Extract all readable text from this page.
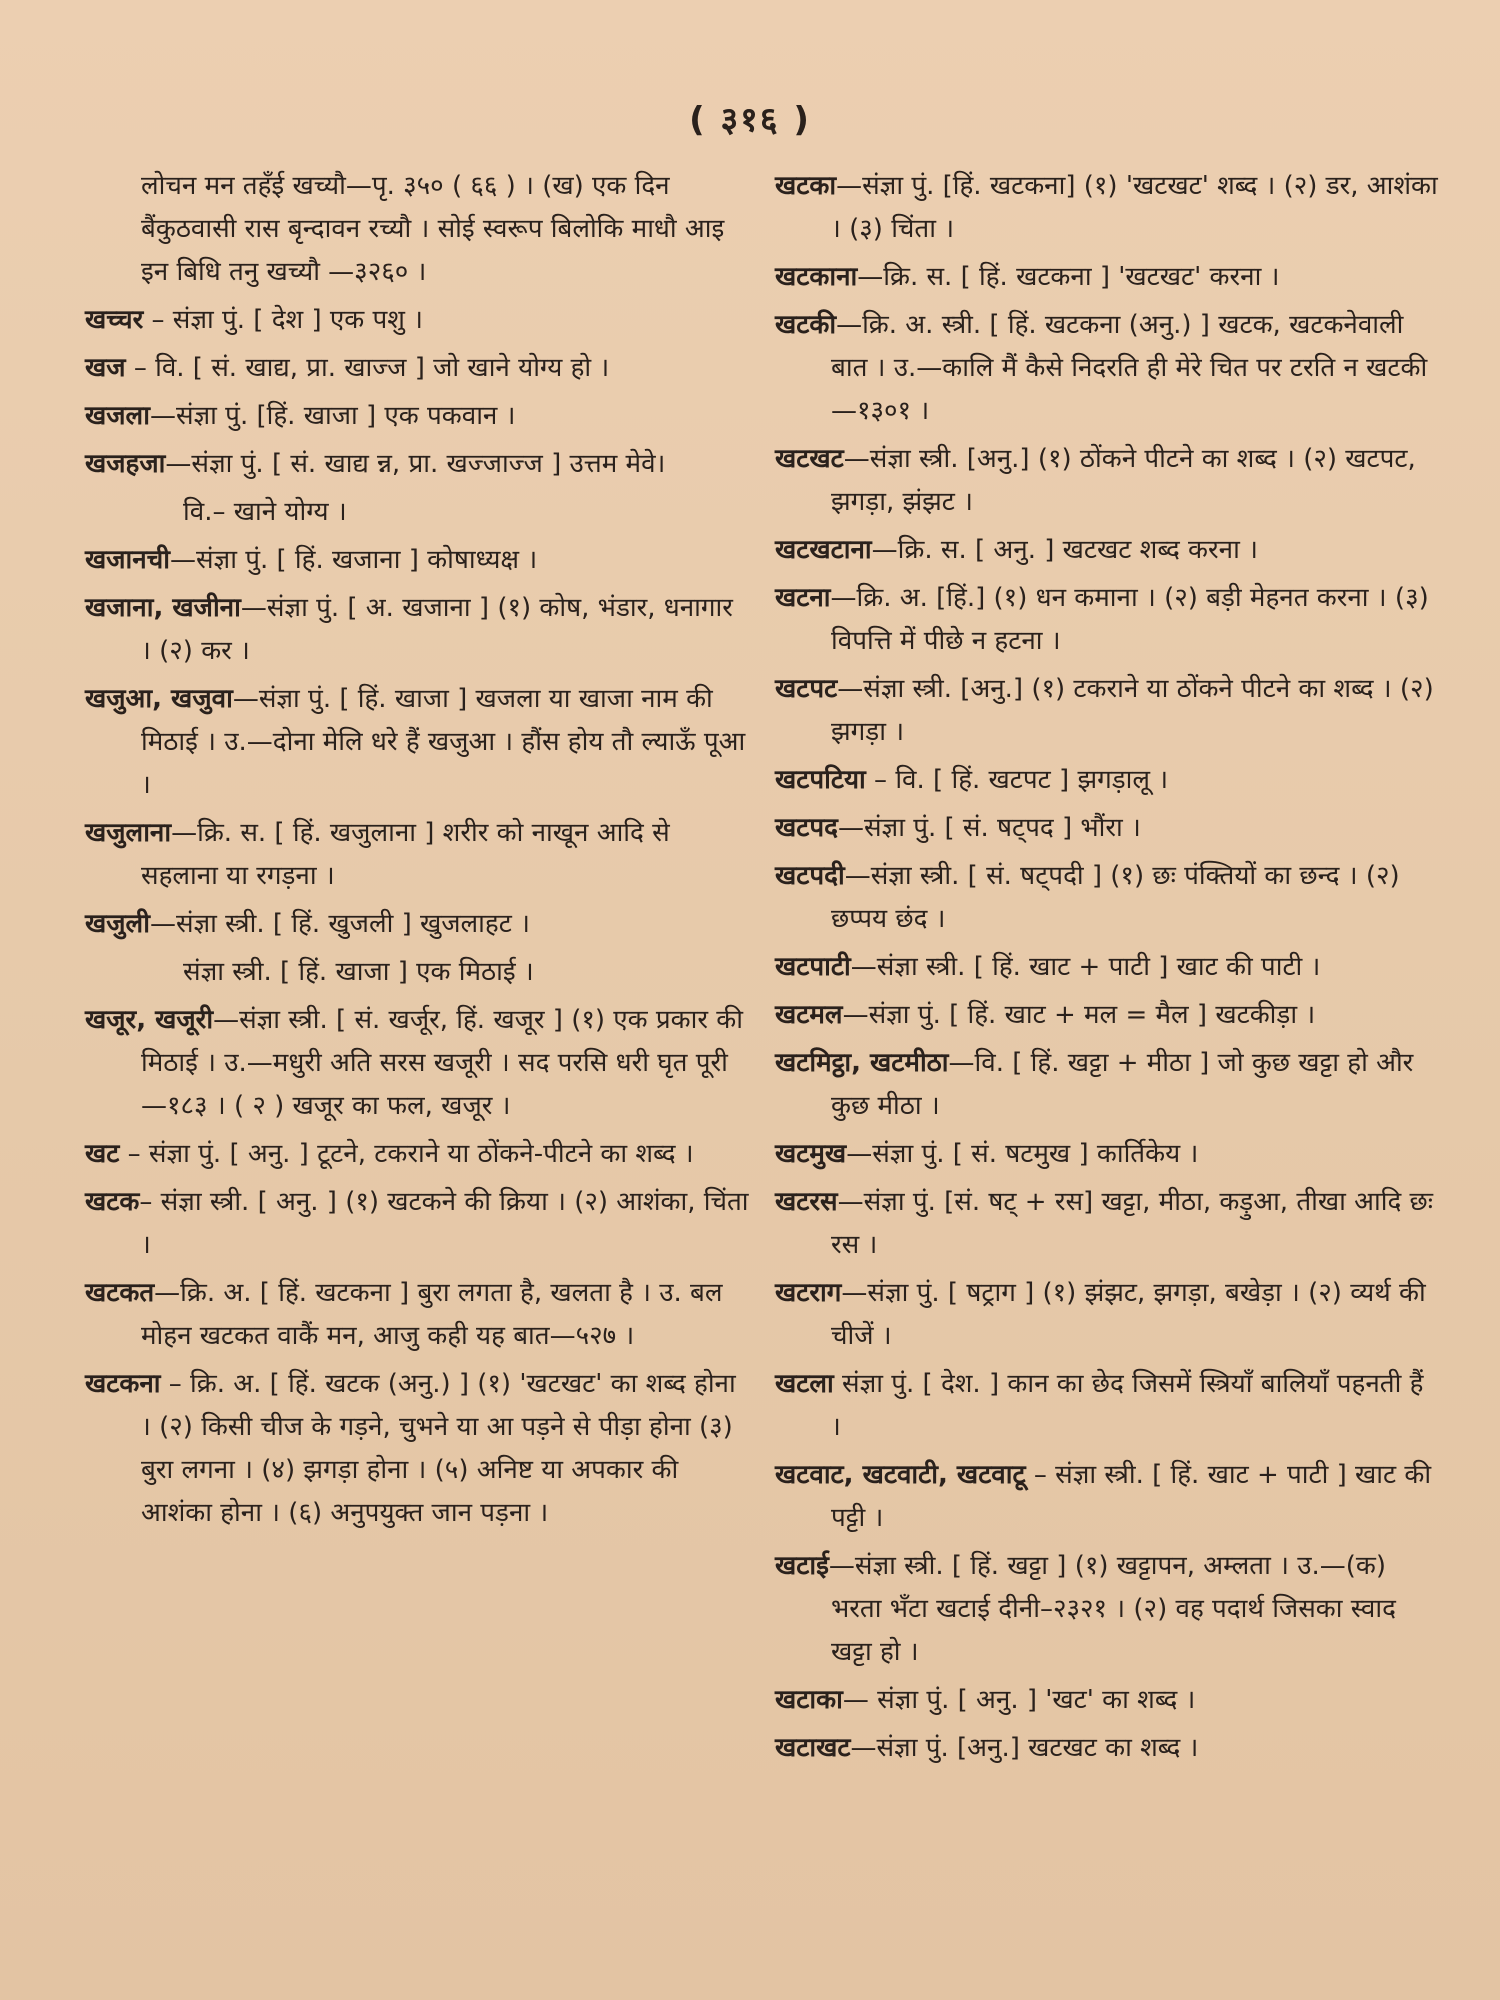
( ३१६ )
लोचन मन तहँई खच्यौ—पृ. ३५० ( ६६ ) । (ख) एक दिन बैंकुठवासी रास बृन्दावन रच्यौ । सोई स्वरूप बिलोकि माधौ आइ इन बिधि तनु खच्यौ —३२६० ।
खच्चर – संज्ञा पुं. [ देश ] एक पशु ।
खज – वि. [ सं. खाद्य, प्रा. खाज्ज ] जो खाने योग्य हो ।
खजला—संज्ञा पुं. [हिं. खाजा ] एक पकवान ।
खजहजा—संज्ञा पुं. [ सं. खाद्य न्न, प्रा. खज्जाज्ज ] उत्तम मेवे।
वि.– खाने योग्य ।
खजानची—संज्ञा पुं. [ हिं. खजाना ] कोषाध्यक्ष ।
खजाना, खजीना—संज्ञा पुं. [ अ. खजाना ] (१) कोष, भंडार, धनागार । (२) कर ।
खजुआ, खजुवा—संज्ञा पुं. [ हिं. खाजा ] खजला या खाजा नाम की मिठाई । उ.—दोना मेलि धरे हैं खजुआ । हौंस होय तौ ल्याऊँ पूआ ।
खजुलाना—क्रि. स. [ हिं. खजुलाना ] शरीर को नाखून आदि से सहलाना या रगड़ना ।
खजुली—संज्ञा स्त्री. [ हिं. खुजली ] खुजलाहट ।
संज्ञा स्त्री. [ हिं. खाजा ] एक मिठाई ।
खजूर, खजूरी—संज्ञा स्त्री. [ सं. खर्जूर, हिं. खजूर ] (१) एक प्रकार की मिठाई । उ.—मधुरी अति सरस खजूरी । सद परसि धरी घृत पूरी—१८३ । ( २ ) खजूर का फल, खजूर ।
खट – संज्ञा पुं. [ अनु. ] टूटने, टकराने या ठोंकने-पीटने का शब्द ।
खटक– संज्ञा स्त्री. [ अनु. ] (१) खटकने की क्रिया । (२) आशंका, चिंता ।
खटकत—क्रि. अ. [ हिं. खटकना ] बुरा लगता है, खलता है । उ. बल मोहन खटकत वाकैं मन, आजु कही यह बात—५२७ ।
खटकना – क्रि. अ. [ हिं. खटक (अनु.) ] (१) 'खटखट' का शब्द होना । (२) किसी चीज के गड़ने, चुभने या आ पड़ने से पीड़ा होना (३) बुरा लगना । (४) झगड़ा होना । (५) अनिष्ट या अपकार की आशंका होना । (६) अनुपयुक्त जान पड़ना ।
खटका—संज्ञा पुं. [हिं. खटकना] (१) 'खटखट' शब्द । (२) डर, आशंका । (३) चिंता ।
खटकाना—क्रि. स. [ हिं. खटकना ] 'खटखट' करना ।
खटकी—क्रि. अ. स्त्री. [ हिं. खटकना (अनु.) ] खटक, खटकनेवाली बात । उ.—कालि मैं कैसे निदरति ही मेरे चित पर टरति न खटकी —१३०१ ।
खटखट—संज्ञा स्त्री. [अनु.] (१) ठोंकने पीटने का शब्द । (२) खटपट, झगड़ा, झंझट ।
खटखटाना—क्रि. स. [ अनु. ] खटखट शब्द करना ।
खटना—क्रि. अ. [हिं.] (१) धन कमाना । (२) बड़ी मेहनत करना । (३) विपत्ति में पीछे न हटना ।
खटपट—संज्ञा स्त्री. [अनु.] (१) टकराने या ठोंकने पीटने का शब्द । (२) झगड़ा ।
खटपटिया – वि. [ हिं. खटपट ] झगड़ालू ।
खटपद—संज्ञा पुं. [ सं. षट्पद ] भौंरा ।
खटपदी—संज्ञा स्त्री. [ सं. षट्पदी ] (१) छः पंक्तियों का छन्द । (२) छप्पय छंद ।
खटपाटी—संज्ञा स्त्री. [ हिं. खाट + पाटी ] खाट की पाटी ।
खटमल—संज्ञा पुं. [ हिं. खाट + मल = मैल ] खटकीड़ा ।
खटमिट्ठा, खटमीठा—वि. [ हिं. खट्टा + मीठा ] जो कुछ खट्टा हो और कुछ मीठा ।
खटमुख—संज्ञा पुं. [ सं. षटमुख ] कार्तिकेय ।
खटरस—संज्ञा पुं. [सं. षट् + रस] खट्टा, मीठा, कड़ुआ, तीखा आदि छः रस ।
खटराग—संज्ञा पुं. [ षट्राग ] (१) झंझट, झगड़ा, बखेड़ा । (२) व्यर्थ की चीजें ।
खटला संज्ञा पुं. [ देश. ] कान का छेद जिसमें स्त्रियाँ बालियाँ पहनती हैं ।
खटवाट, खटवाटी, खटवाटू – संज्ञा स्त्री. [ हिं. खाट + पाटी ] खाट की पट्टी ।
खटाई—संज्ञा स्त्री. [ हिं. खट्टा ] (१) खट्टापन, अम्लता । उ.—(क) भरता भँटा खटाई दीनी–२३२१ । (२) वह पदार्थ जिसका स्वाद खट्टा हो ।
खटाका— संज्ञा पुं. [ अनु. ] 'खट' का शब्द ।
खटाखट—संज्ञा पुं. [अनु.] खटखट का शब्द ।
